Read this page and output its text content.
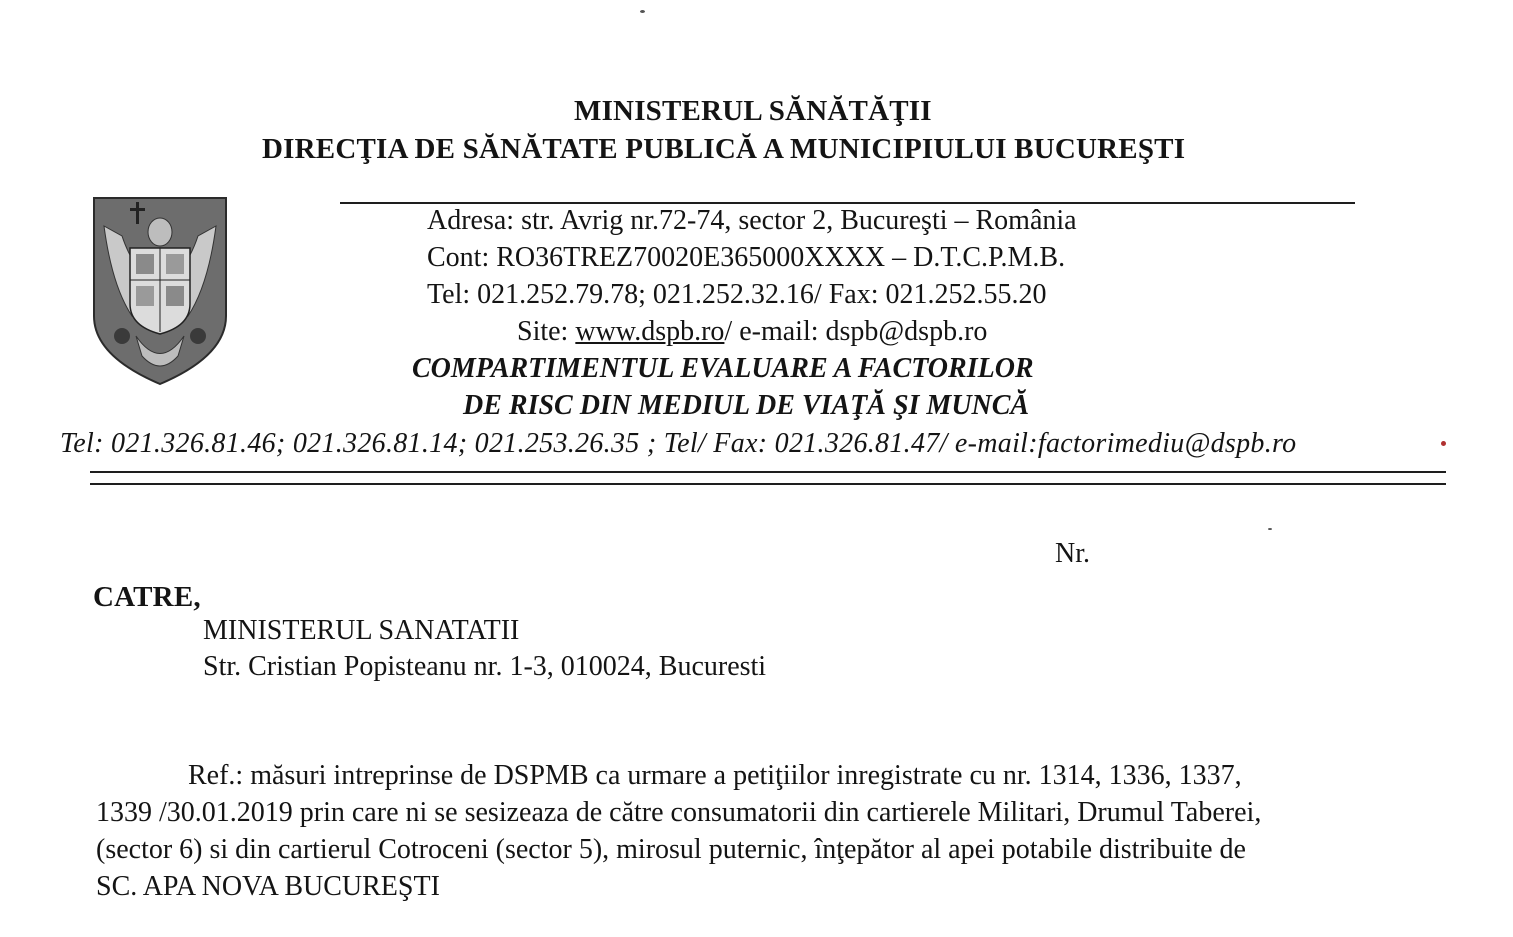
MINISTERUL SĂNĂTĂŢII
DIRECŢIA DE SĂNĂTATE PUBLICĂ A MUNICIPIULUI BUCUREŞTI
Adresa: str. Avrig nr.72-74, sector 2, Bucureşti – România
Cont: RO36TREZ70020E365000XXXX – D.T.C.P.M.B.
Tel: 021.252.79.78; 021.252.32.16/ Fax: 021.252.55.20
Site: www.dspb.ro/ e-mail: dspb@dspb.ro
COMPARTIMENTUL EVALUARE A FACTORILOR
DE RISC DIN MEDIUL DE VIAŢĂ ŞI MUNCĂ
Tel: 021.326.81.46; 021.326.81.14; 021.253.26.35 ; Tel/ Fax: 021.326.81.47/ e-mail:factorimediu@dspb.ro
Nr.
CATRE,
MINISTERUL SANATATII
Str. Cristian Popisteanu nr. 1-3, 010024, Bucuresti
Ref.: măsuri intreprinse de DSPMB ca urmare a petiţiilor inregistrate cu nr. 1314, 1336, 1337,
1339 /30.01.2019 prin care ni se sesizeaza de către consumatorii din cartierele Militari, Drumul Taberei,
(sector 6) si din cartierul Cotroceni (sector 5), mirosul puternic, înţepător al apei potabile distribuite de
SC. APA NOVA BUCUREŞTI
